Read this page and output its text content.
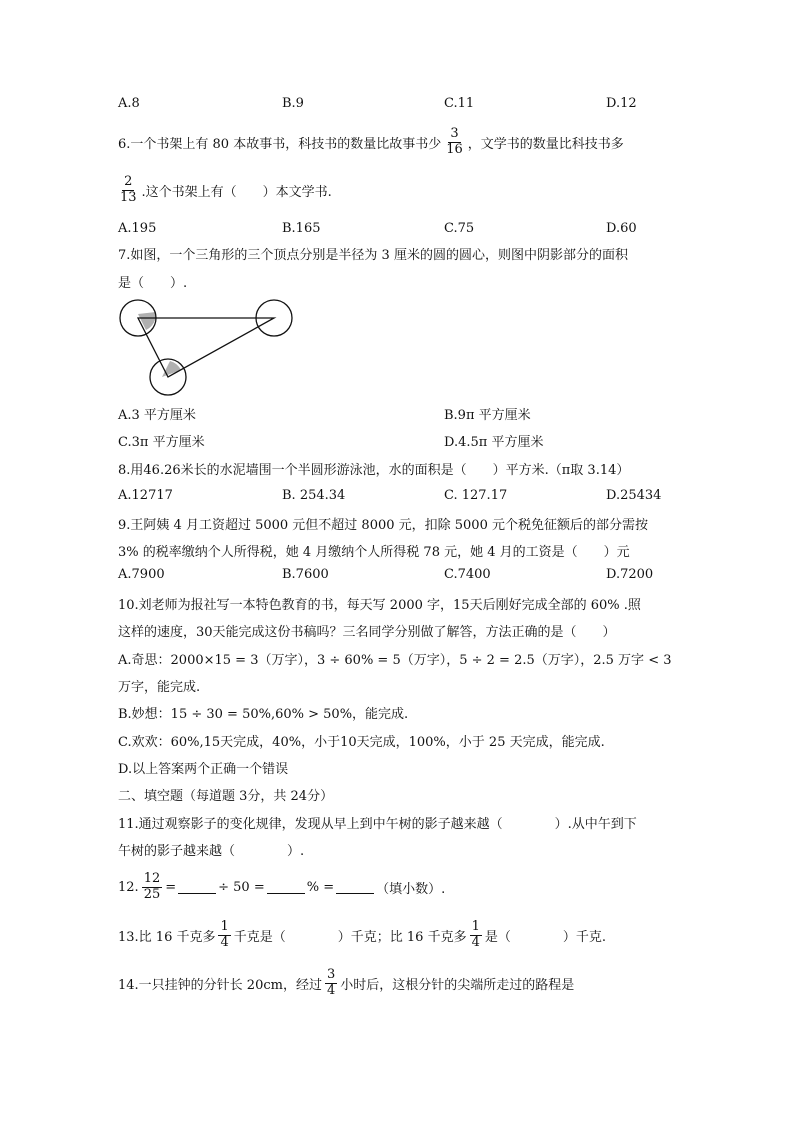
A.8	B.9	C.11	D.12
6.一个书架上有 80 本故事书，科技书的数量比故事书少 $\frac{3}{16}$ ，文学书的数量比科技书多
$\frac{2}{13}$ .这个书架上有（　　）本文学书.
A.195	B.165	C.75	D.60
7.如图，一个三角形的三个顶点分别是半径为 3 厘米的圆的圆心，则图中阴影部分的面积
是（　　）.
A.3 平方厘米	B.9π 平方厘米
C.3π 平方厘米	D.4.5π 平方厘米
8.用46.26米长的水泥墙围一个半圆形游泳池，水的面积是（　　）平方米.（π取 3.14）
A.12717	B. 254.34	C. 127.17	D.25434
9.王阿姨 4 月工资超过 5000 元但不超过 8000 元，扣除 5000 元个税免征额后的部分需按
3% 的税率缴纳个人所得税，她 4 月缴纳个人所得税 78 元，她 4 月的工资是（　　）元
A.7900	B.7600	C.7400	D.7200
10.刘老师为报社写一本特色教育的书，每天写 2000 字，15天后刚好完成全部的 60% .照
这样的速度，30天能完成这份书稿吗？三名同学分别做了解答，方法正确的是（　　）
A.奇思：2000×15 = 3（万字），3 ÷ 60% = 5（万字），5 ÷ 2 = 2.5（万字），2.5 万字 < 3
万字，能完成.
B.妙想：15 ÷ 30 = 50%,60% > 50%，能完成.
C.欢欢：60%,15天完成，40%，小于10天完成，100%，小于 25 天完成，能完成.
D.以上答案两个正确一个错误
二、填空题（每道题 3分，共 24分）
11.通过观察影子的变化规律，发现从早上到中午树的影子越来越（　　　　）.从中午到下
午树的影子越来越（　　　　）.
12. $\frac{12}{25}$ =	÷ 50 =	% =	（填小数）.
13.比 16 千克多 $\frac{1}{4}$ 千克是（　　　　）千克；比 16 千克多 $\frac{1}{4}$ 是（　　　　）千克.
14.一只挂钟的分针长 20cm，经过 $\frac{3}{4}$ 小时后，这根分针的尖端所走过的路程是
